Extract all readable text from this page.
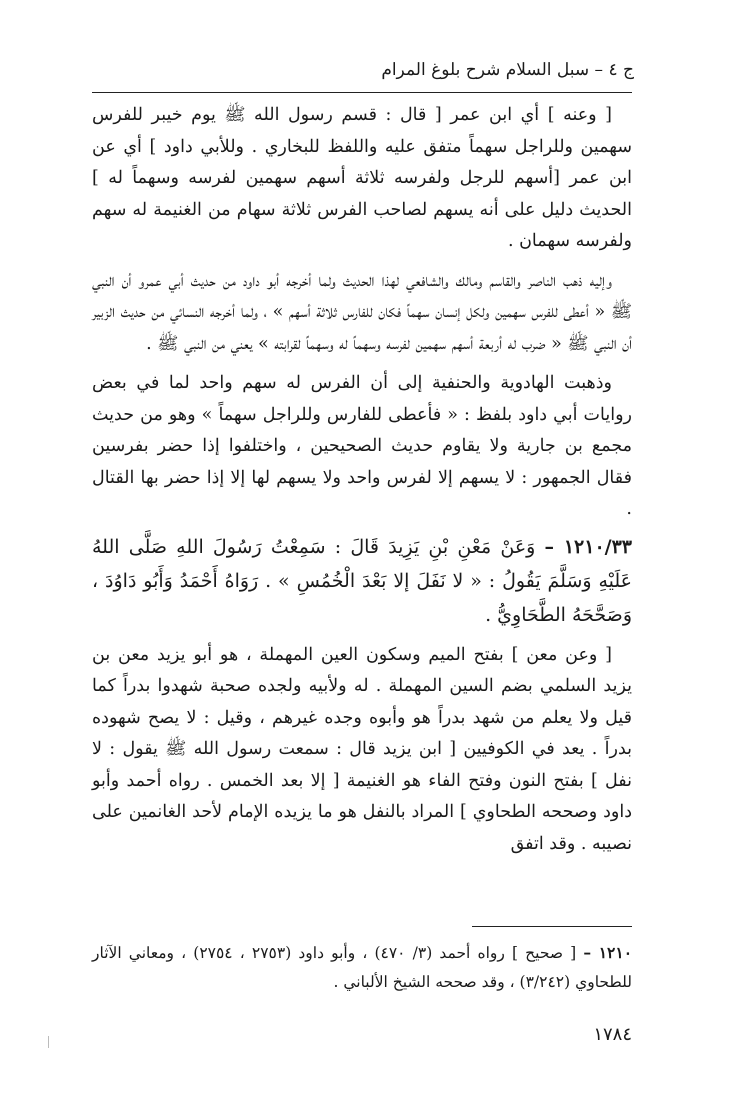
ج ٤ – سبل السلام شرح بلوغ المرام

[ وعنه ] أي ابن عمر [ قال : قسم رسول الله ﷺ يوم خيبر للفرس سهمين وللراجل سهماً متفق عليه واللفظ للبخاري . وللأبي داود ] أي عن ابن عمر [أسهم للرجل ولفرسه ثلاثة أسهم سهمين لفرسه وسهماً له ] الحديث دليل على أنه يسهم لصاحب الفرس ثلاثة سهام من الغنيمة له سهم ولفرسه سهمان .

وإليه ذهب الناصر والقاسم ومالك والشافعي لهذا الحديث ولما أخرجه أبو داود من حديث أبي عمرو أن النبي ﷺ « أعطى للفرس سهمين ولكل إنسان سهماً فكان للفارس ثلاثة أسهم » ، ولما أخرجه النسائي من حديث الزبير أن النبي ﷺ « ضرب له أربعة أسهم سهمين لفرسه وسهماً له وسهماً لقرابته » يعني من النبي ﷺ .

وذهبت الهادوية والحنفية إلى أن الفرس له سهم واحد لما في بعض روايات أبي داود بلفظ : « فأعطى للفارس وللراجل سهماً » وهو من حديث مجمع بن جارية ولا يقاوم حديث الصحيحين ، واختلفوا إذا حضر بفرسين فقال الجمهور : لا يسهم إلا لفرس واحد ولا يسهم لها إلا إذا حضر بها القتال .

١٢١٠/٣٣ – وَعَنْ مَعْنِ بْنِ يَزِيدَ قَالَ : سَمِعْتُ رَسُولَ اللهِ صَلَّى اللهُ عَلَيْهِ وَسَلَّمَ يَقُولُ : « لا نَفَلَ إلا بَعْدَ الْخُمُسِ » . رَوَاهُ أَحْمَدُ وَأَبُو دَاوُدَ ، وَصَحَّحَهُ الطَّحَاوِيُّ .

[ وعن معن ] بفتح الميم وسكون العين المهملة ، هو أبو يزيد معن بن يزيد السلمي بضم السين المهملة . له ولأبيه ولجده صحبة شهدوا بدراً كما قيل ولا يعلم من شهد بدراً هو وأبوه وجده غيرهم ، وقيل : لا يصح شهوده بدراً . يعد في الكوفيين [ ابن يزيد قال : سمعت رسول الله ﷺ يقول : لا نفل ] بفتح النون وفتح الفاء هو الغنيمة [ إلا بعد الخمس . رواه أحمد وأبو داود وصححه الطحاوي ] المراد بالنفل هو ما يزيده الإمام لأحد الغانمين على نصيبه . وقد اتفق

١٢١٠ – [ صحيح ] رواه أحمد (٣/ ٤٧٠) ، وأبو داود (٢٧٥٣ ، ٢٧٥٤) ، ومعاني الآثار للطحاوي (٣/٢٤٢) ، وقد صححه الشيخ الألباني .
١٧٨٤
